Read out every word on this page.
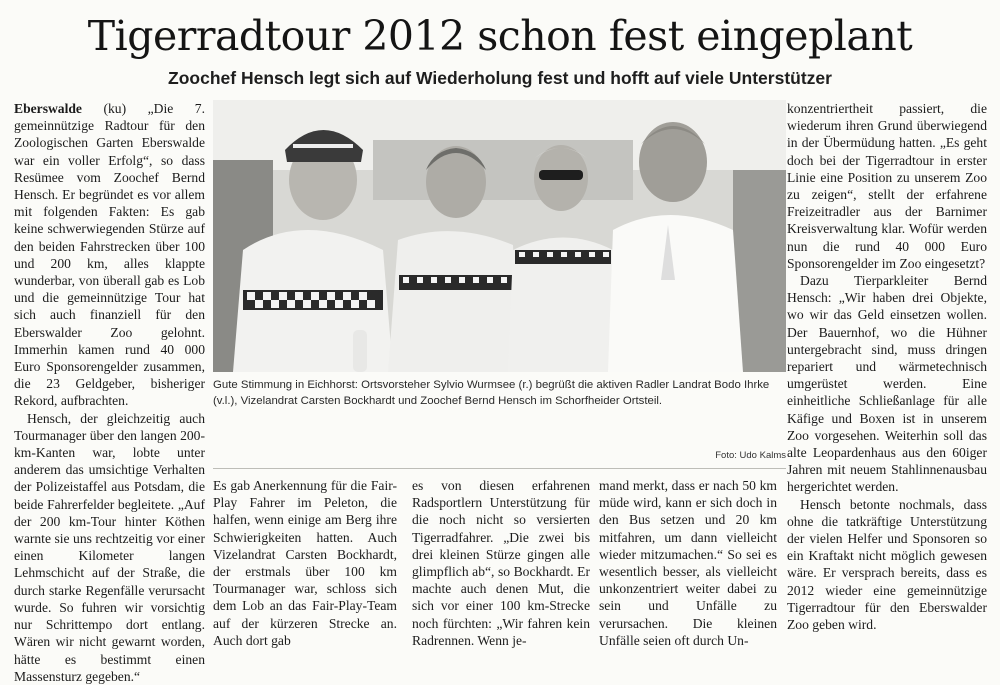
Tigerradtour 2012 schon fest eingeplant
Zoochef Hensch legt sich auf Wiederholung fest und hofft auf viele Unterstützer

Eberswalde (ku) „Die 7. gemeinnützige Radtour für den Zoologischen Garten Eberswalde war ein voller Erfolg“, so dass Resümee vom Zoochef Bernd Hensch. Er begründet es vor allem mit folgenden Fakten: Es gab keine schwerwiegenden Stürze auf den beiden Fahrstrecken über 100 und 200 km, alles klappte wunderbar, von überall gab es Lob und die gemeinnützige Tour hat sich auch finanziell für den Eberswalder Zoo gelohnt. Immerhin kamen rund 40 000 Euro Sponsorengelder zusammen, die 23 Geldgeber, bisheriger Rekord, aufbrachten.

Hensch, der gleichzeitig auch Tourmanager über den langen 200-km-Kanten war, lobte unter anderem das umsichtige Verhalten der Polizeistaffel aus Potsdam, die beide Fahrerfelder begleitete. „Auf der 200 km-Tour hinter Köthen warnte sie uns rechtzeitig vor einer einen Kilometer langen Lehmschicht auf der Straße, die durch starke Regenfälle verursacht wurde. So fuhren wir vorsichtig nur Schrittempo dort entlang. Wären wir nicht gewarnt worden, hätte es bestimmt einen Massensturz gegeben.“

Gute Stimmung in Eichhorst: Ortsvorsteher Sylvio Wurmsee (r.) begrüßt die aktiven Radler Landrat Bodo Ihrke (v.l.), Vizelandrat Carsten Bockhardt und Zoochef Bernd Hensch im Schorfheider Ortsteil.
Foto: Udo Kalms

Es gab Anerkennung für die Fair-Play Fahrer im Peleton, die halfen, wenn einige am Berg ihre Schwierigkeiten hatten. Auch Vizelandrat Carsten Bockhardt, der erstmals über 100 km Tourmanager war, schloss sich dem Lob an das Fair-Play-Team auf der kürzeren Strecke an. Auch dort gab

es von diesen erfahrenen Radsportlern Unterstützung für die noch nicht so versierten Tigerradfahrer. „Die zwei bis drei kleinen Stürze gingen alle glimpflich ab“, so Bockhardt. Er machte auch denen Mut, die sich vor einer 100 km-Strecke noch fürchten: „Wir fahren kein Radrennen. Wenn je-

mand merkt, dass er nach 50 km müde wird, kann er sich doch in den Bus setzen und 20 km mitfahren, um dann vielleicht wieder mitzumachen.“ So sei es wesentlich besser, als vielleicht unkonzentriert weiter dabei zu sein und Unfälle zu verursachen. Die kleinen Unfälle seien oft durch Un-

konzentriertheit passiert, die wiederum ihren Grund überwiegend in der Übermüdung hatten. „Es geht doch bei der Tigerradtour in erster Linie eine Position zu unserem Zoo zu zeigen“, stellt der erfahrene Freizeitradler aus der Barnimer Kreisverwaltung klar. Wofür werden nun die rund 40 000 Euro Sponsorengelder im Zoo eingesetzt?

Dazu Tierparkleiter Bernd Hensch: „Wir haben drei Objekte, wo wir das Geld einsetzen wollen. Der Bauernhof, wo die Hühner untergebracht sind, muss dringen repariert und wärmetechnisch umgerüstet werden. Eine einheitliche Schließanlage für alle Käfige und Boxen ist in unserem Zoo vorgesehen. Weiterhin soll das alte Leopardenhaus aus den 60iger Jahren mit neuem Stahlinnenausbau hergerichtet werden.

Hensch betonte nochmals, dass ohne die tatkräftige Unterstützung der vielen Helfer und Sponsoren so ein Kraftakt nicht möglich gewesen wäre. Er versprach bereits, dass es 2012 wieder eine gemeinnützige Tigerradtour für den Eberswalder Zoo geben wird.
